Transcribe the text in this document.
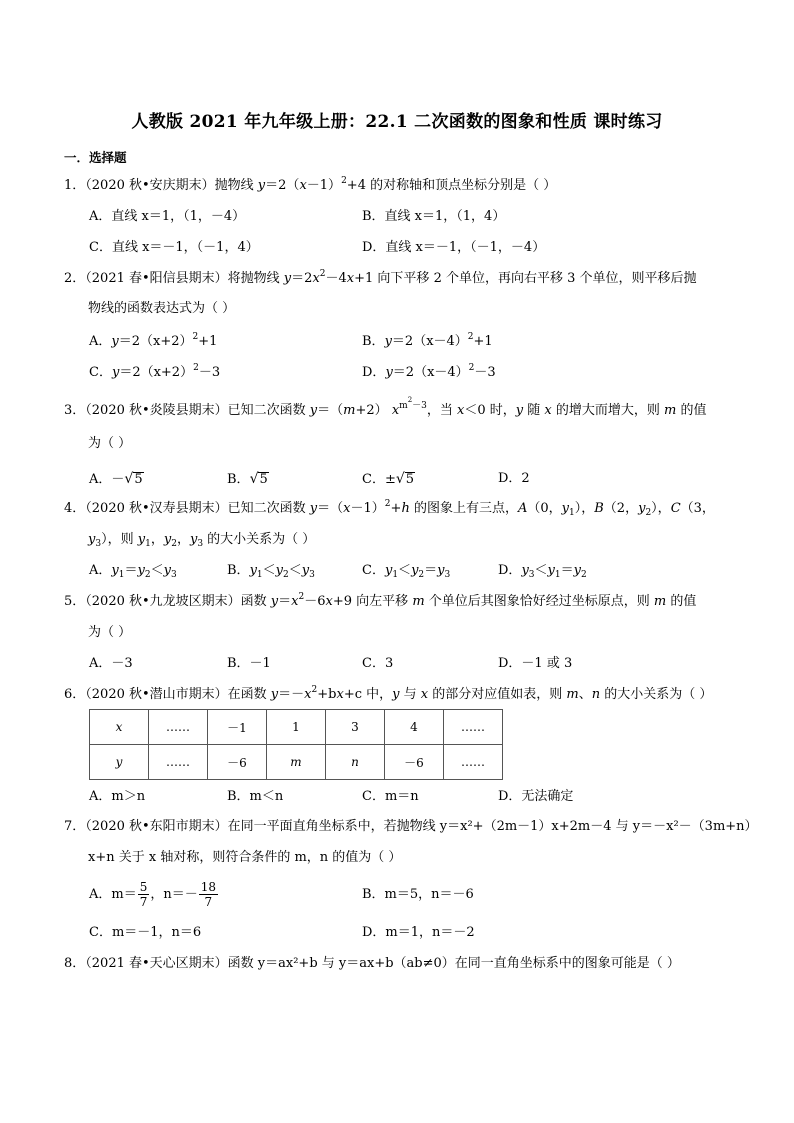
人教版 2021 年九年级上册：22.1 二次函数的图象和性质 课时练习
一．选择题
1．（2020 秋•安庆期末）抛物线 $y=2(x-1)^2+4$ 的对称轴和顶点坐标分别是（ ）
A．直线 x＝1，（1，－4）	B．直线 x＝1，（1，4）
C．直线 x＝－1，（－1，4）	D．直线 x＝－1，（－1，－4）
2．（2021 春•阳信县期末）将抛物线 $y=2x^2-4x+1$ 向下平移 2 个单位，再向右平移 3 个单位，则平移后抛
物线的函数表达式为（ ）
A．$y=2(x+2)^2+1$	B．$y=2(x-4)^2+1$
C．$y=2(x+2)^2-3$	D．$y=2(x-4)^2-3$
3．（2020 秋•炎陵县期末）已知二次函数 y＝（m+2） $x^{m^2-3}$，当 x＜0 时，y 随 x 的增大而增大，则 m 的值
为（ ）
A．－√5	B．√5	C．±√5	D．2
4．（2020 秋•汉寿县期末）已知二次函数 $y=(x-1)^2+h$ 的图象上有三点，A（0，$y_1$），B（2，$y_2$），C（3，
$y_3$），则 $y_1$，$y_2$，$y_3$ 的大小关系为（ ）
A．$y_1=y_2<y_3$	B．$y_1<y_2<y_3$	C．$y_1<y_2=y_3$	D．$y_3<y_1=y_2$
5．（2020 秋•九龙坡区期末）函数 $y=x^2-6x+9$ 向左平移 m 个单位后其图象恰好经过坐标原点，则 m 的值
为（ ）
A．－3	B．－1	C．3	D．－1 或 3
6．（2020 秋•潜山市期末）在函数 $y=-x^2+bx+c$ 中，y 与 x 的部分对应值如表，则 m、n 的大小关系为（ ）
x	……	－1	1	3	4	……
y	……	－6	m	n	－6	……
A．m＞n	B．m＜n	C．m＝n	D．无法确定
7．（2020 秋•东阳市期末）在同一平面直角坐标系中，若抛物线 y＝x²+（2m－1）x+2m－4 与 y＝－x²－（3m+n）
x+n 关于 x 轴对称，则符合条件的 m，n 的值为（ ）
A．$m= \frac{5}{7}$ ，$n=- \frac{18}{7}$	B．m＝5，n＝－6
C．m＝－1，n＝6	D．m＝1，n＝－2
8．（2021 春•天心区期末）函数 y＝ax²+b 与 y＝ax+b（ab≠0）在同一直角坐标系中的图象可能是（ ）
